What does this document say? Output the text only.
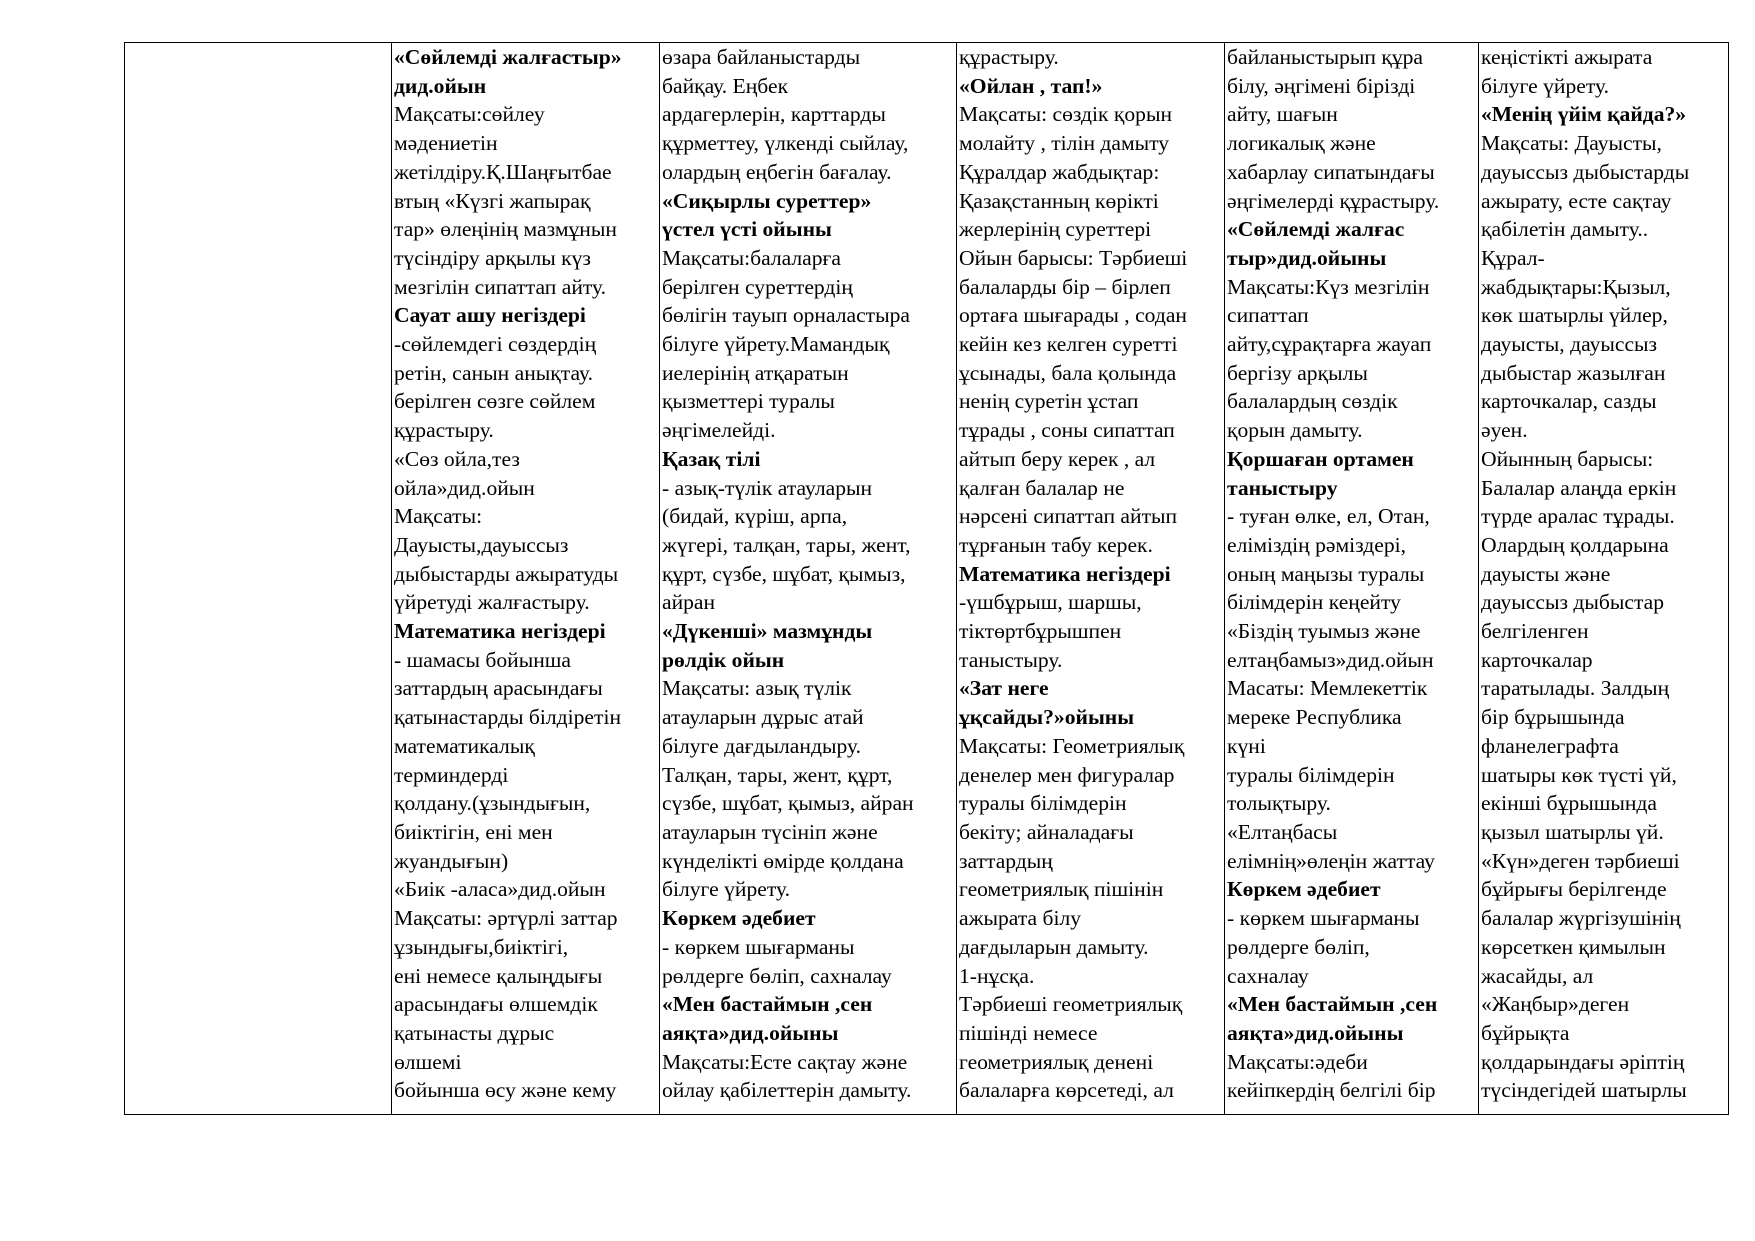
«Сөйлемді жалғастыр»
дид.ойын
Мақсаты:сөйлеу
мәдениетін
жетілдіру.Қ.Шаңғытбае
втың «Күзгі жапырақ
тар» өлеңінің мазмұнын
түсіндіру арқылы күз
мезгілін сипаттап айту.
Сауат ашу негіздері
-сөйлемдегі сөздердің
ретін, санын анықтау.
берілген сөзге сөйлем
құрастыру.
«Сөз ойла,тез
ойла»дид.ойын
Мақсаты:
Дауысты,дауыссыз
дыбыстарды ажыратуды
үйретуді жалғастыру.
Математика негіздері
- шамасы бойынша
заттардың арасындағы
қатынастарды білдіретін
математикалық
терминдерді
қолдану.(ұзындығын,
биіктігін, ені мен
жуандығын)
«Биік -аласа»дид.ойын
Мақсаты: әртүрлі заттар
ұзындығы,биіктігі,
ені немесе қалыңдығы
арасындағы өлшемдік
қатынасты дұрыс
өлшемі
бойынша өсу және кему

өзара байланыстарды
байқау. Еңбек
ардагерлерін, карттарды
құрметтеу, үлкенді сыйлау,
олардың еңбегін бағалау.
«Сиқырлы суреттер»
үстел үсті ойыны
Мақсаты:балаларға
берілген суреттердің
бөлігін тауып орналастыра
білуге үйрету.Мамандық
иелерінің атқаратын
қызметтері туралы
әңгімелейді.
Қазақ тілі
- азық-түлік атауларын
(бидай, күріш, арпа,
жүгері, талқан, тары, жент,
құрт, сүзбе, шұбат, қымыз,
айран
«Дүкенші» мазмұнды
рөлдік ойын
Мақсаты: азық түлік
атауларын дұрыс атай
білуге дағдыландыру.
Талқан, тары, жент, құрт,
сүзбе, шұбат, қымыз, айран
атауларын түсініп және
күнделікті өмірде қолдана
білуге үйрету.
Көркем әдебиет
- көркем шығарманы
рөлдерге бөліп, сахналау
«Мен бастаймын ,сен
аяқта»дид.ойыны
Мақсаты:Есте сақтау және
ойлау қабілеттерін дамыту.

құрастыру.
«Ойлан , тап!»
Мақсаты: сөздік қорын
молайту , тілін дамыту
Құралдар жабдықтар:
Қазақстанның көрікті
жерлерінің суреттері
Ойын барысы: Тәрбиеші
балаларды бір – бірлеп
ортаға шығарады , содан
кейін кез келген суретті
ұсынады, бала қолында
ненің суретін ұстап
тұрады , соны сипаттап
айтып беру керек , ал
қалған балалар не
нәрсені сипаттап айтып
тұрғанын табу керек.
Математика негіздері
-үшбұрыш, шаршы,
тіктөртбұрышпен
таныстыру.
«Зат неге
ұқсайды?»ойыны
Мақсаты: Геометриялық
денелер мен фигуралар
туралы білімдерін
бекіту; айналадағы
заттардың
геометриялық пішінін
ажырата білу
дағдыларын дамыту.
1-нұсқа.
Тәрбиеші геометриялық
пішінді немесе
геометриялық денені
балаларға көрсетеді, ал

байланыстырып құра
білу, әңгімені бірізді
айту, шағын
логикалық және
хабарлау сипатындағы
әңгімелерді құрастыру.
«Сөйлемді жалғас
тыр»дид.ойыны
Мақсаты:Күз мезгілін
сипаттап
айту,сұрақтарға жауап
бергізу арқылы
балалардың сөздік
қорын дамыту.
Қоршаған ортамен
таныстыру
- туған өлке, ел, Отан,
еліміздің рәміздері,
оның маңызы туралы
білімдерін кеңейту
«Біздің туымыз және
елтаңбамыз»дид.ойын
Масаты: Мемлекеттік
мереке Республика
күні
туралы білімдерін
толықтыру.
«Елтаңбасы
елімнің»өлеңін жаттау
Көркем әдебиет
- көркем шығарманы
рөлдерге бөліп,
сахналау
«Мен бастаймын ,сен
аяқта»дид.ойыны
Мақсаты:әдеби
кейіпкердің белгілі бір

кеңістікті ажырата
білуге үйрету.
«Менің үйім қайда?»
Мақсаты: Дауысты,
дауыссыз дыбыстарды
ажырату, есте сақтау
қабілетін дамыту..
Құрал-
жабдықтары:Қызыл,
көк шатырлы үйлер,
дауысты, дауыссыз
дыбыстар жазылған
карточкалар, сазды
әуен.
Ойынның барысы:
Балалар алаңда еркін
түрде аралас тұрады.
Олардың қолдарына
дауысты және
дауыссыз дыбыстар
белгіленген
карточкалар
таратылады. Залдың
бір бұрышында
фланелеграфта
шатыры көк түсті үй,
екінші бұрышында
қызыл шатырлы үй.
«Күн»деген тәрбиеші
бұйрығы берілгенде
балалар жүргізушінің
көрсеткен қимылын
жасайды, ал
«Жаңбыр»деген
бұйрықта
қолдарындағы әріптің
түсіндегідей шатырлы
